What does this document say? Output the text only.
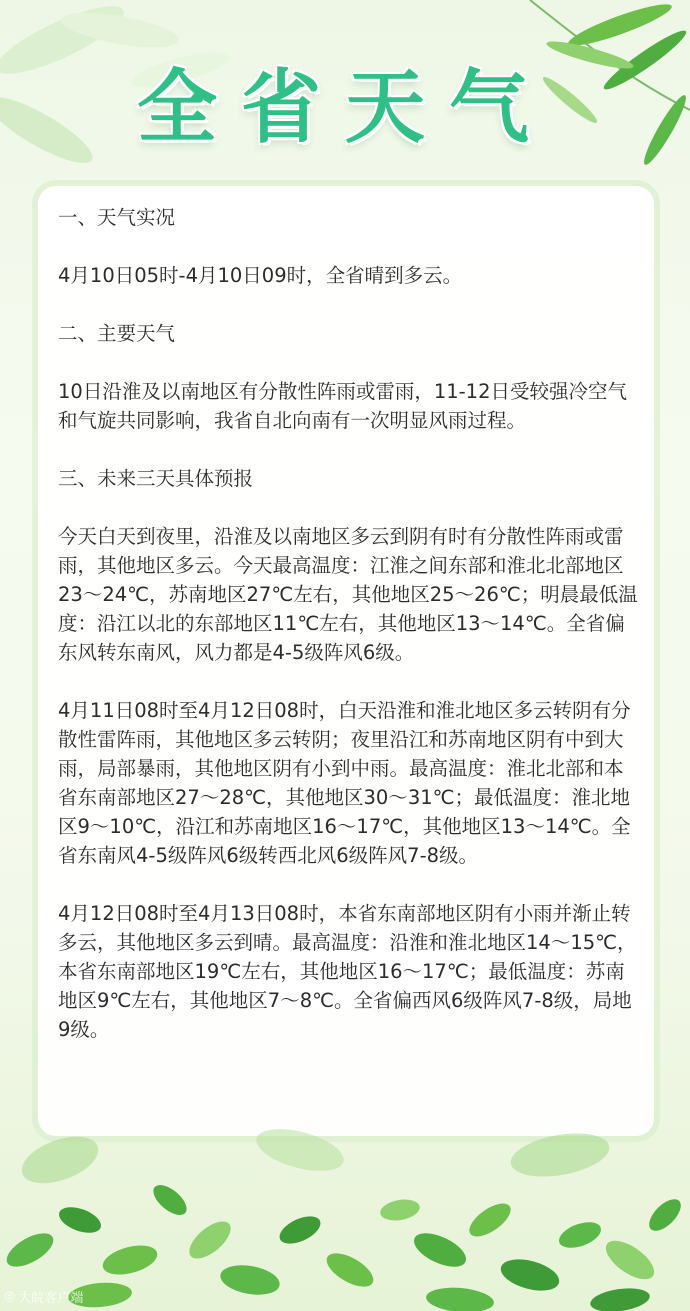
全省天气

一、天气实况

4月10日05时-4月10日09时，全省晴到多云。

二、主要天气

10日沿淮及以南地区有分散性阵雨或雷雨，11-12日受较强冷空气和气旋共同影响，我省自北向南有一次明显风雨过程。

三、未来三天具体预报

今天白天到夜里，沿淮及以南地区多云到阴有时有分散性阵雨或雷雨，其他地区多云。今天最高温度：江淮之间东部和淮北北部地区23～24℃，苏南地区27℃左右，其他地区25～26℃；明晨最低温度：沿江以北的东部地区11℃左右，其他地区13～14℃。全省偏东风转东南风，风力都是4-5级阵风6级。

4月11日08时至4月12日08时，白天沿淮和淮北地区多云转阴有分散性雷阵雨，其他地区多云转阴；夜里沿江和苏南地区阴有中到大雨，局部暴雨，其他地区阴有小到中雨。最高温度：淮北北部和本省东南部地区27～28℃，其他地区30～31℃；最低温度：淮北地区9～10℃，沿江和苏南地区16～17℃，其他地区13～14℃。全省东南风4-5级阵风6级转西北风6级阵风7-8级。

4月12日08时至4月13日08时，本省东南部地区阴有小雨并渐止转多云，其他地区多云到晴。最高温度：沿淮和淮北地区14～15℃，本省东南部地区19℃左右，其他地区16～17℃；最低温度：苏南地区9℃左右，其他地区7～8℃。全省偏西风6级阵风7-8级，局地9级。

◎ 大皖客户端
